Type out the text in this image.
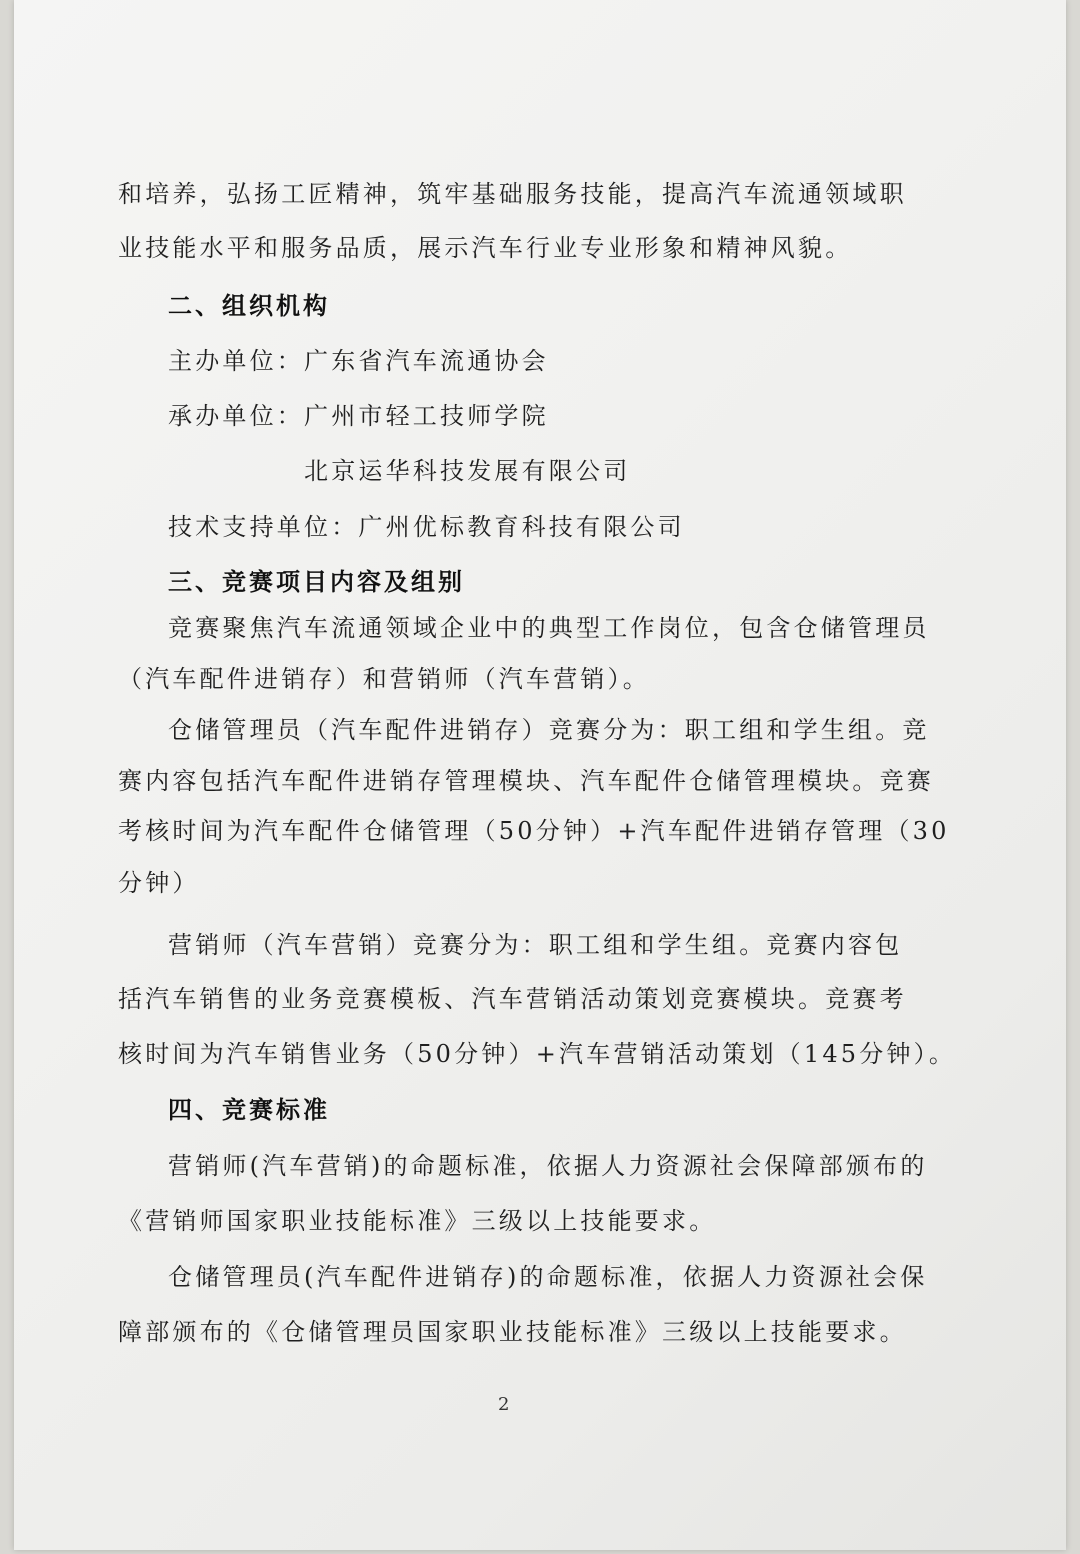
和培养，弘扬工匠精神，筑牢基础服务技能，提高汽车流通领域职
业技能水平和服务品质，展示汽车行业专业形象和精神风貌。
二、组织机构
主办单位：广东省汽车流通协会
承办单位：广州市轻工技师学院
北京运华科技发展有限公司
技术支持单位：广州优标教育科技有限公司
三、竞赛项目内容及组别
竞赛聚焦汽车流通领域企业中的典型工作岗位，包含仓储管理员
（汽车配件进销存）和营销师（汽车营销）。
仓储管理员（汽车配件进销存）竞赛分为：职工组和学生组。竞
赛内容包括汽车配件进销存管理模块、汽车配件仓储管理模块。竞赛
考核时间为汽车配件仓储管理（50分钟）+汽车配件进销存管理（30
分钟）
营销师（汽车营销）竞赛分为：职工组和学生组。竞赛内容包
括汽车销售的业务竞赛模板、汽车营销活动策划竞赛模块。竞赛考
核时间为汽车销售业务（50分钟）+汽车营销活动策划（145分钟）。
四、竞赛标准
营销师(汽车营销)的命题标准，依据人力资源社会保障部颁布的
《营销师国家职业技能标准》三级以上技能要求。
仓储管理员(汽车配件进销存)的命题标准，依据人力资源社会保
障部颁布的《仓储管理员国家职业技能标准》三级以上技能要求。
2
